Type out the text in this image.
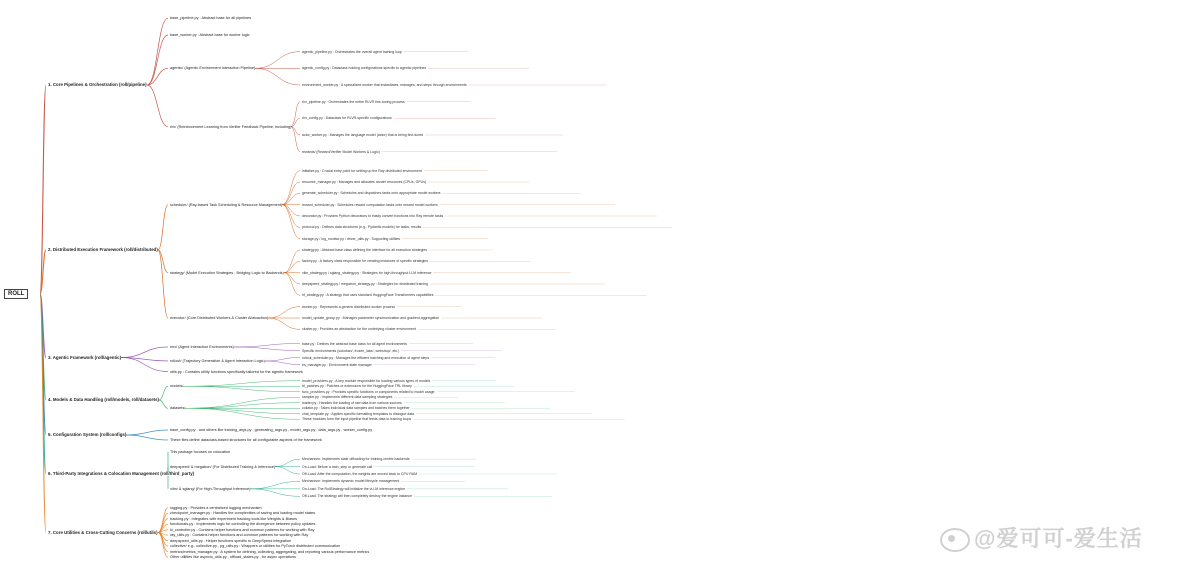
1. Core Pipelines & Orchestration (roll/pipeline)
base_pipeline.py : Abstract base for all pipelines
base_worker.py : Abstract base for worker logic
agentic/ (Agentic Environment Interaction Pipeline)
agentic_pipeline.py : Orchestrates the overall agent training loop
agentic_config.py : Dataclass holding configurations specific to agentic pipelines
environment_worker.py : A specialized worker that instantiates, manages, and steps through environments
rlvr/ (Reinforcement Learning from Verifier Feedback Pipeline, including)
rlvr_pipeline.py : Orchestrates the entire RLVR fine-tuning process
rlvr_config.py : Dataclass for RLVR-specific configurations
actor_worker.py : Manages the language model (actor) that is being fine-tuned
rewards/ (Reward/Verifier Model Workers & Logic)
2. Distributed Execution Framework (roll/distributed)
scheduler/ (Ray-based Task Scheduling & Resource Management)
initialize.py : Crucial entry point for setting up the Ray distributed environment
resource_manager.py : Manages and allocates cluster resources (CPUs, GPUs)
generate_scheduler.py : Schedules and dispatches tasks onto appropriate model workers
reward_scheduler.py : Schedules reward computation tasks onto reward model workers
decorator.py : Provides Python decorators to easily convert functions into Ray remote tasks
protocol.py : Defines data structures (e.g., Pydantic models) for tasks, results
storage.py / log_monitor.py / driver_utils.py : Supporting utilities
strategy/ (Model Execution Strategies - Bridging Logic to Backends)
strategy.py : Abstract base class defining the interface for all execution strategies
factory.py : A factory class responsible for creating instances of specific strategies
vllm_strategy.py / sglang_strategy.py : Strategies for high-throughput LLM inference
deepspeed_strategy.py / megatron_strategy.py : Strategies for distributed training
hf_strategy.py : A strategy that uses standard HuggingFace Transformers capabilities
executor/ (Core Distributed Workers & Cluster Abstraction)
worker.py : Represents a generic distributed worker process
model_update_group.py : Manages parameter synchronization and gradient aggregation
cluster.py : Provides an abstraction for the underlying cluster environment
3. Agentic Framework (roll/agentic)
env/ (Agent Interaction Environments)
base.py : Defines the abstract base class for all agent environments
Specific environments (sokoban/, frozen_lake/, webshop/, etc.)
rollout/ (Trajectory Generation & Agent Interaction Logic)
rollout_scheduler.py : Manages the efficient batching and execution of agent steps
es_manager.py : Environment state manager
utils.py : Contains utility functions specifically tailored for the agentic framework
4. Models & Data Handling (roll/models, roll/datasets)
models/
model_providers.py : A key module responsible for loading various types of models
trl_patches.py : Patches or extensions for the HuggingFace TRL library
func_providers.py : Provides specific functions or components related to model usage
datasets/
sampler.py : Implements different data sampling strategies
loader.py : Handles the loading of raw data from various sources
collator.py : Takes individual data samples and batches them together
chat_template.py : Applies specific formatting templates to dialogue data
These modules form the input pipeline that feeds data to training loops
5. Configuration System (roll/configs)
base_config.py , and others like training_args.py , generating_args.py , model_args.py , data_args.py , worker_config.py
These files define dataclass-based structures for all configurable aspects of the framework
6. Third-Party Integrations & Colocation Management (roll/third_party)
This package focuses on colocation
deepspeed/ & megatron/ (For Distributed Training & Inference)
Mechanism: Implements state offloading for training-centric backends
On-Load: Before a train_step or generate call
Off-Load: After the computation, the weights are moved back to CPU RAM
vllm/ & sglang/ (For High-Throughput Inference)
Mechanism: Implements dynamic model lifecycle management
On-Load: The RollStrategy will initialize the vLLM inference engine
Off-Load: The strategy will then completely destroy the engine instance
7. Core Utilities & Cross-Cutting Concerns (roll/utils)
logging.py : Provides a centralized logging mechanism
checkpoint_manager.py : Handles the complexities of saving and loading model states
tracking.py : Integrates with experiment tracking tools like Weights & Biases
functionals.py : Implements logic for controlling the divergence between policy updates
kl_controller.py : Contains helper functions and common patterns for working with Ray
ray_utils.py : Contains helper functions and common patterns for working with Ray
deepspeed_utils.py : Helper functions specific to DeepSpeed integration
collective/ e.g., collective.py , pg_utils.py : Wrappers or utilities for PyTorch distributed communication
metrics/metrics_manager.py : A system for defining, collecting, aggregating, and reporting various performance metrics
Other utilities like asyncio_utils.py , offload_states.py , for async operations
ROLL
@爱可可-爱生活
